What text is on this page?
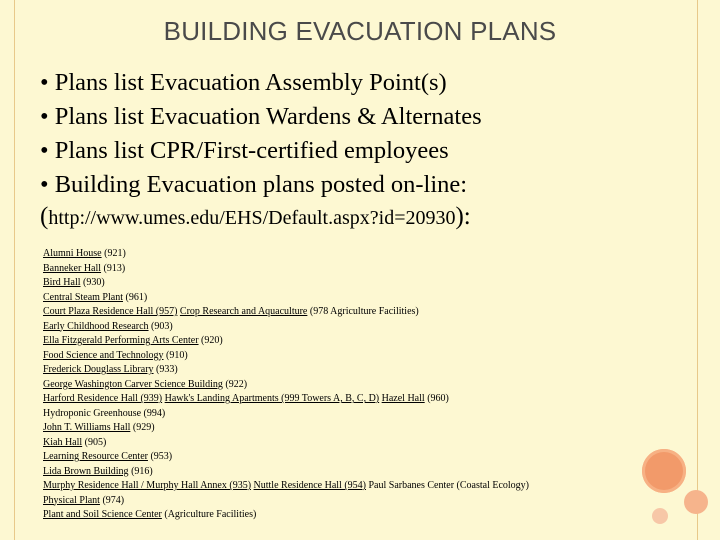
BUILDING EVACUATION PLANS
• Plans list Evacuation Assembly Point(s)
• Plans list Evacuation Wardens & Alternates
• Plans list CPR/First-certified employees
• Building Evacuation plans posted on-line:
(http://www.umes.edu/EHS/Default.aspx?id=20930):
Alumni House (921)
Banneker Hall (913)
Bird Hall (930)
Central Steam Plant (961)
Court Plaza Residence Hall (957) Crop Research and Aquaculture (978 Agriculture Facilities)
Early Childhood Research (903)
Ella Fitzgerald Performing Arts Center (920)
Food Science and Technology (910)
Frederick Douglass Library (933)
George Washington Carver Science Building (922)
Harford Residence Hall (939) Hawk's Landing Apartments (999 Towers A, B, C, D) Hazel Hall (960)
Hydroponic Greenhouse (994)
John T. Williams Hall (929)
Kiah Hall (905)
Learning Resource Center (953)
Lida Brown Building (916)
Murphy Residence Hall / Murphy Hall Annex (935) Nuttle Residence Hall (954) Paul Sarbanes Center (Coastal Ecology)
Physical Plant (974)
Plant and Soil Science Center (Agriculture Facilities)
